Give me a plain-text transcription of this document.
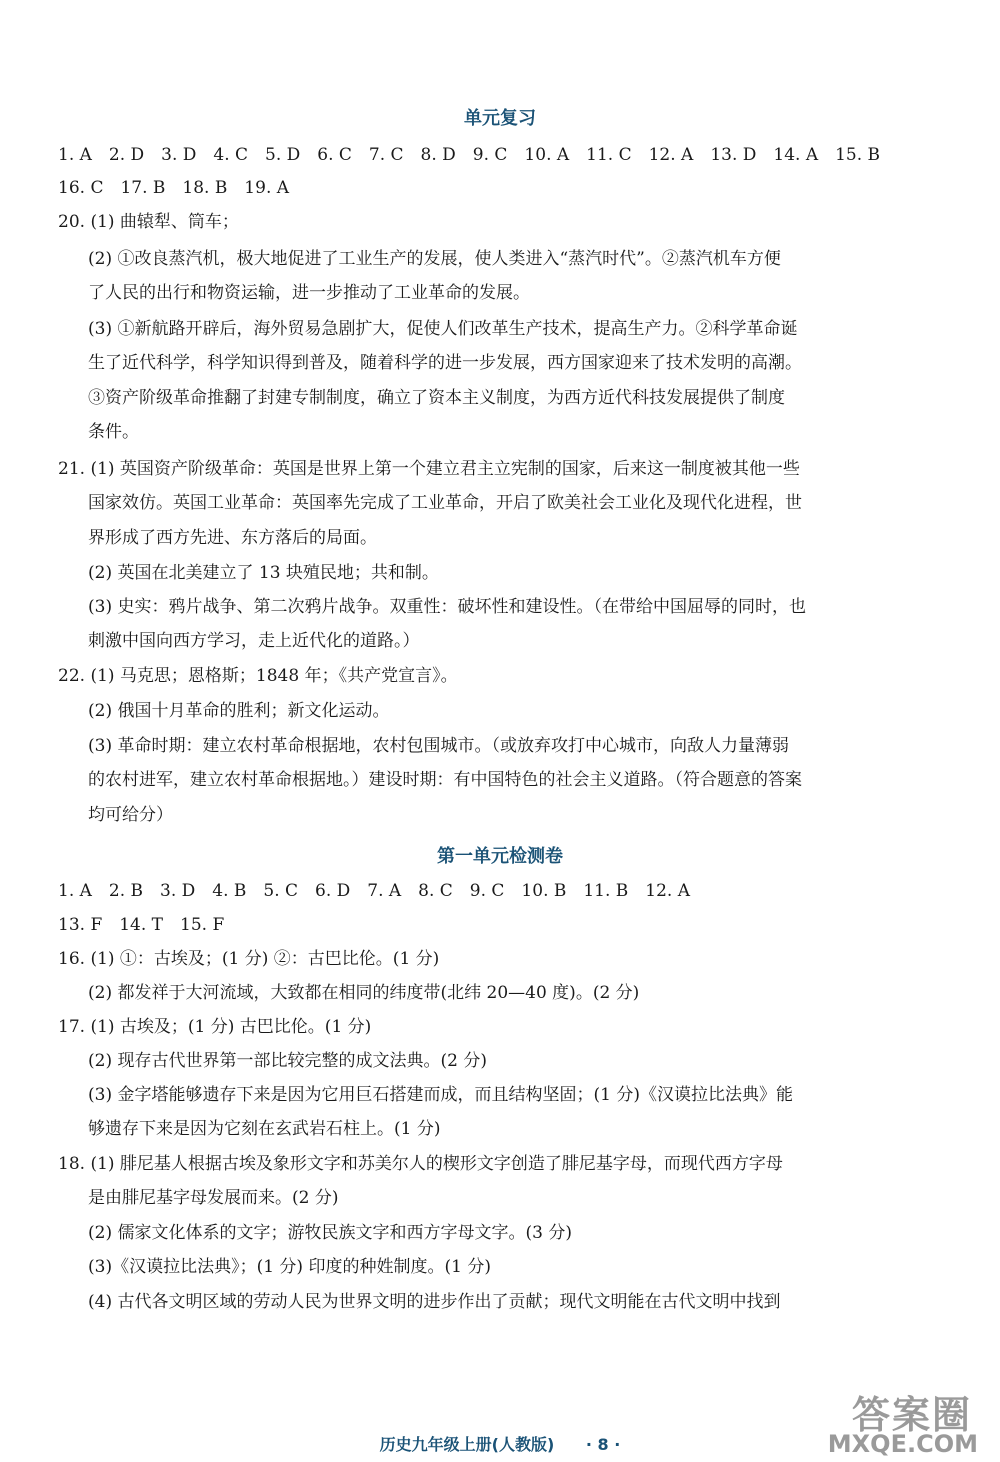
单元复习
1. A　2. D　3. D　4. C　5. D　6. C　7. C　8. D　9. C　10. A　11. C　12. A　13. D　14. A　15. B
16. C　17. B　18. B　19. A
20. (1) 曲辕犁、筒车；
(2) ①改良蒸汽机，极大地促进了工业生产的发展，使人类进入“蒸汽时代”。②蒸汽机车方便
了人民的出行和物资运输，进一步推动了工业革命的发展。
(3) ①新航路开辟后，海外贸易急剧扩大，促使人们改革生产技术，提高生产力。②科学革命诞
生了近代科学，科学知识得到普及，随着科学的进一步发展，西方国家迎来了技术发明的高潮。
③资产阶级革命推翻了封建专制制度，确立了资本主义制度，为西方近代科技发展提供了制度
条件。
21. (1) 英国资产阶级革命：英国是世界上第一个建立君主立宪制的国家，后来这一制度被其他一些
国家效仿。英国工业革命：英国率先完成了工业革命，开启了欧美社会工业化及现代化进程，世
界形成了西方先进、东方落后的局面。
(2) 英国在北美建立了 13 块殖民地；共和制。
(3) 史实：鸦片战争、第二次鸦片战争。双重性：破坏性和建设性。（在带给中国屈辱的同时，也
刺激中国向西方学习，走上近代化的道路。）
22. (1) 马克思；恩格斯；1848 年；《共产党宣言》。
(2) 俄国十月革命的胜利；新文化运动。
(3) 革命时期：建立农村革命根据地，农村包围城市。（或放弃攻打中心城市，向敌人力量薄弱
的农村进军，建立农村革命根据地。）建设时期：有中国特色的社会主义道路。（符合题意的答案
均可给分）
第一单元检测卷
1. A　2. B　3. D　4. B　5. C　6. D　7. A　8. C　9. C　10. B　11. B　12. A
13. F　14. T　15. F
16. (1) ①：古埃及；(1 分) ②：古巴比伦。(1 分)
(2) 都发祥于大河流域，大致都在相同的纬度带(北纬 20—40 度)。(2 分)
17. (1) 古埃及；(1 分) 古巴比伦。(1 分)
(2) 现存古代世界第一部比较完整的成文法典。(2 分)
(3) 金字塔能够遗存下来是因为它用巨石搭建而成，而且结构坚固；(1 分)《汉谟拉比法典》能
够遗存下来是因为它刻在玄武岩石柱上。(1 分)
18. (1) 腓尼基人根据古埃及象形文字和苏美尔人的楔形文字创造了腓尼基字母，而现代西方字母
是由腓尼基字母发展而来。(2 分)
(2) 儒家文化体系的文字；游牧民族文字和西方字母文字。(3 分)
(3)《汉谟拉比法典》；(1 分) 印度的种姓制度。(1 分)
(4) 古代各文明区域的劳动人民为世界文明的进步作出了贡献；现代文明能在古代文明中找到
历史九年级上册(人教版) · 8 ·
答案圈
MXQE.COM
